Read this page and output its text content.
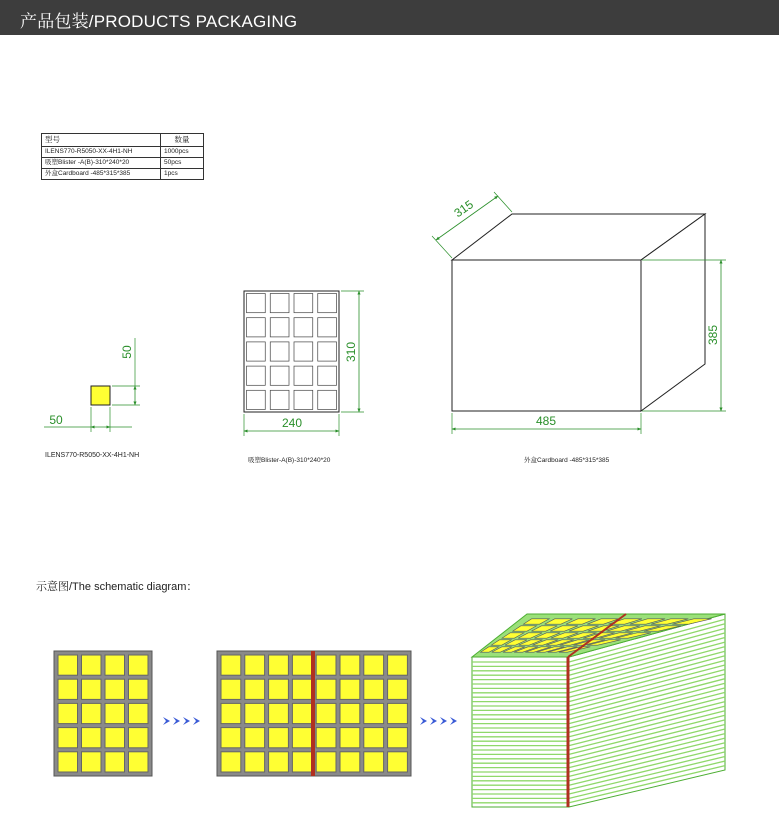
产品包装/PRODUCTS PACKAGING
型号	数量
ILENS770-R5050-XX-4H1-NH	1000pcs
吸塑Blister -A(B)-310*240*20	50pcs
外盒Cardboard -485*315*385	1pcs
50
50
310
240
385
485
315
ILENS770-R5050-XX-4H1-NH
吸塑Blister-A(B)-310*240*20	外盒Cardboard -485*315*385
示意图/The schematic diagram：
